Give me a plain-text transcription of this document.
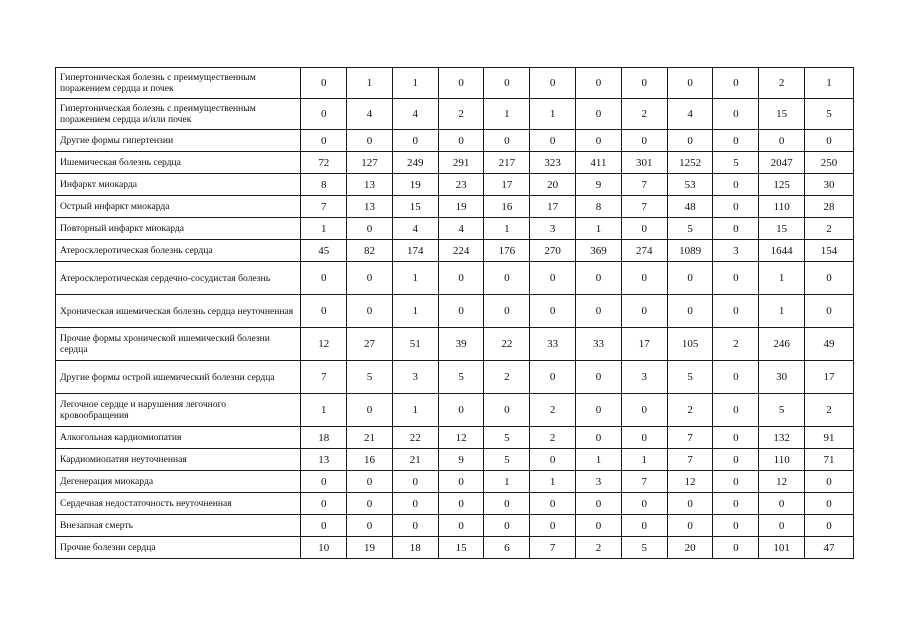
Гипертоническая болезнь с преимущественным поражением сердца и почек	0	1	1	0	0	0	0	0	0	0	2	1
Гипертоническая болезнь с преимущественным поражением сердца и/или почек	0	4	4	2	1	1	0	2	4	0	15	5
Другие формы гипертензии	0	0	0	0	0	0	0	0	0	0	0	0
Ишемическая болезнь сердца	72	127	249	291	217	323	411	301	1252	5	2047	250
Инфаркт миокарда	8	13	19	23	17	20	9	7	53	0	125	30
Острый инфаркт миокарда	7	13	15	19	16	17	8	7	48	0	110	28
Повторный инфаркт миокарда	1	0	4	4	1	3	1	0	5	0	15	2
Атеросклеротическая болезнь сердца	45	82	174	224	176	270	369	274	1089	3	1644	154
Атеросклеротическая сердечно-сосудистая болезнь	0	0	1	0	0	0	0	0	0	0	1	0
Хроническая ишемическая болезнь сердца неуточненная	0	0	1	0	0	0	0	0	0	0	1	0
Прочие формы хронической ишемический болезни сердца	12	27	51	39	22	33	33	17	105	2	246	49
Другие формы острой ишемический болезни сердца	7	5	3	5	2	0	0	3	5	0	30	17
Легочное сердце и нарушения легочного кровообращения	1	0	1	0	0	2	0	0	2	0	5	2
Алкогольная кардиомиопатия	18	21	22	12	5	2	0	0	7	0	132	91
Кардиомиопатия неуточненная	13	16	21	9	5	0	1	1	7	0	110	71
Дегенерация миокарда	0	0	0	0	1	1	3	7	12	0	12	0
Сердечная недостаточность неуточненная	0	0	0	0	0	0	0	0	0	0	0	0
Внезапная смерть	0	0	0	0	0	0	0	0	0	0	0	0
Прочие болезни сердца	10	19	18	15	6	7	2	5	20	0	101	47
